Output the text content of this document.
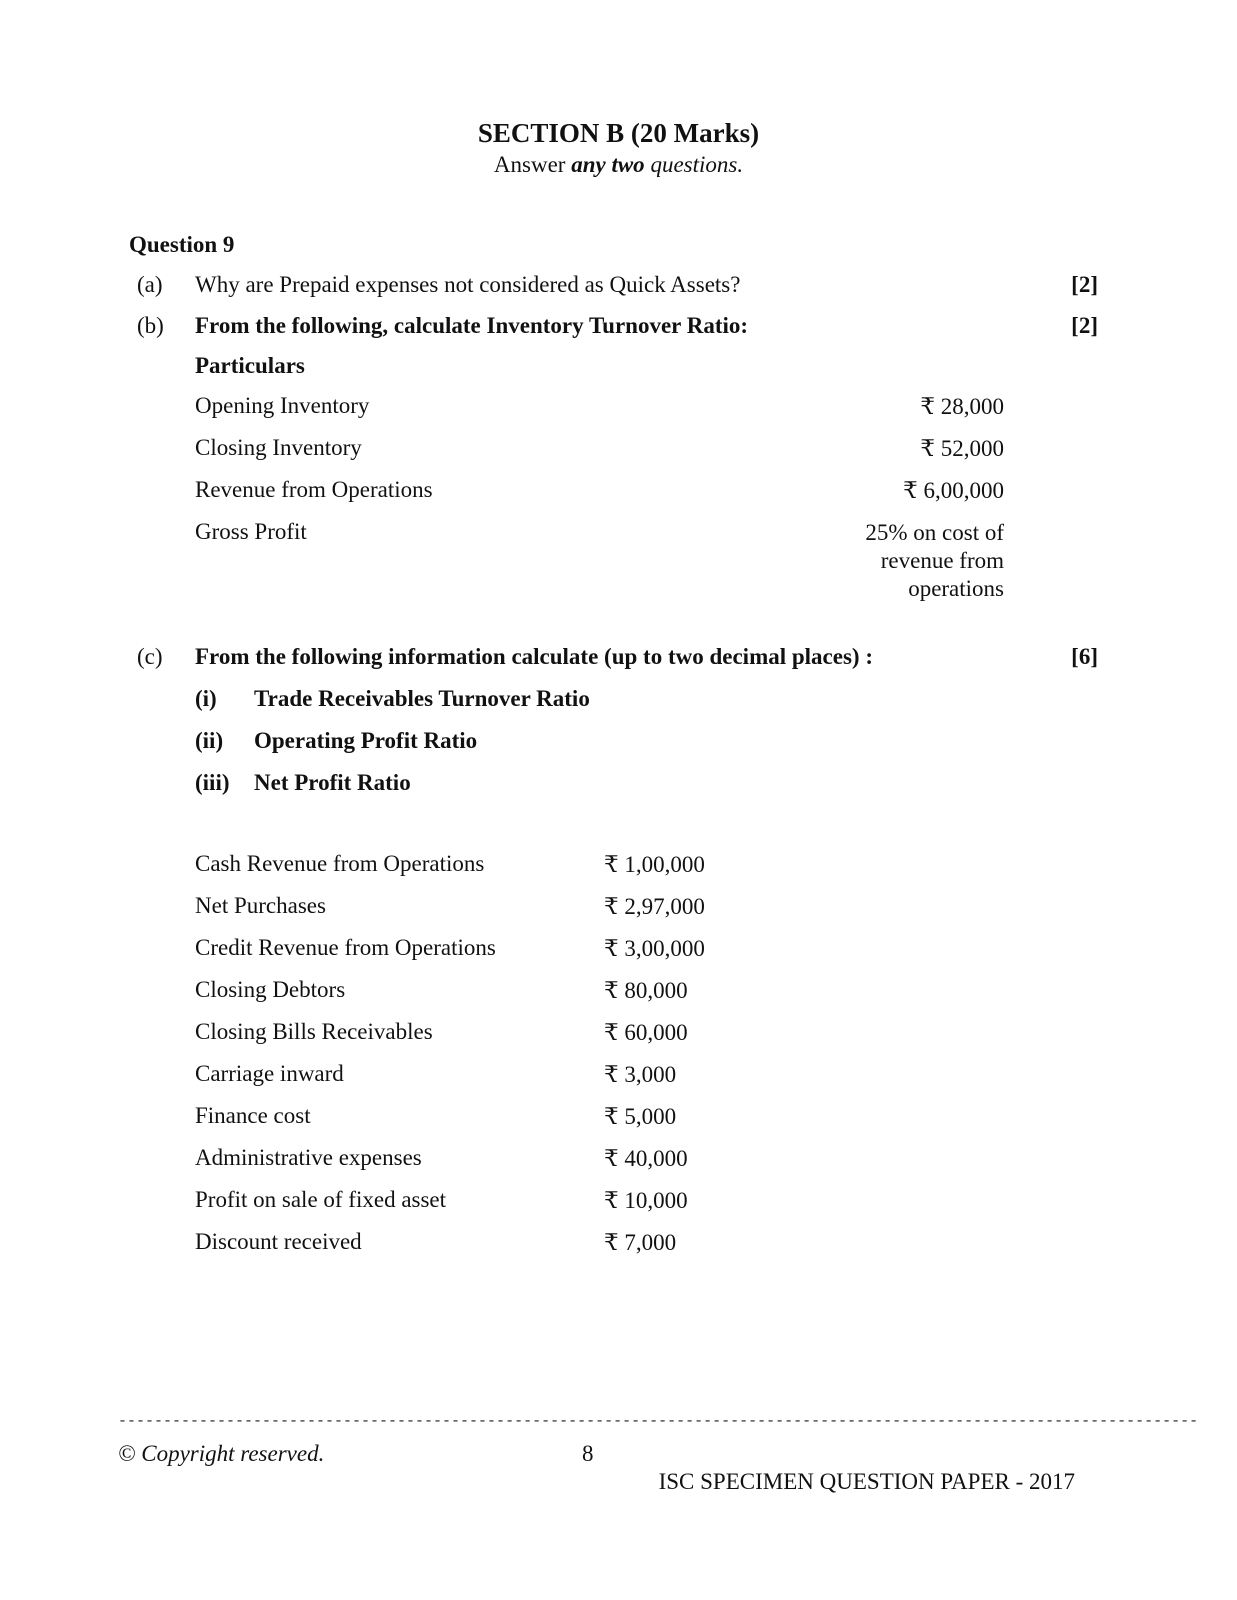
SECTION B (20 Marks)
Answer any two questions.
Question 9
(a) Why are Prepaid expenses not considered as Quick Assets?	[2]
(b) From the following, calculate Inventory Turnover Ratio:	[2]
Particulars
Opening Inventory	₹ 28,000
Closing Inventory	₹ 52,000
Revenue from Operations	₹ 6,00,000
Gross Profit	25% on cost of revenue from operations
(c) From the following information calculate (up to two decimal places) :	[6]
(i) Trade Receivables Turnover Ratio
(ii) Operating Profit Ratio
(iii) Net Profit Ratio
Cash Revenue from Operations	₹ 1,00,000
Net Purchases	₹ 2,97,000
Credit Revenue from Operations	₹ 3,00,000
Closing Debtors	₹ 80,000
Closing Bills Receivables	₹ 60,000
Carriage inward	₹ 3,000
Finance cost	₹ 5,000
Administrative expenses	₹ 40,000
Profit on sale of fixed asset	₹ 10,000
Discount received	₹ 7,000
------------------------------------------------------------------------------------------------------------------------
© Copyright reserved.	8
ISC SPECIMEN QUESTION PAPER - 2017
